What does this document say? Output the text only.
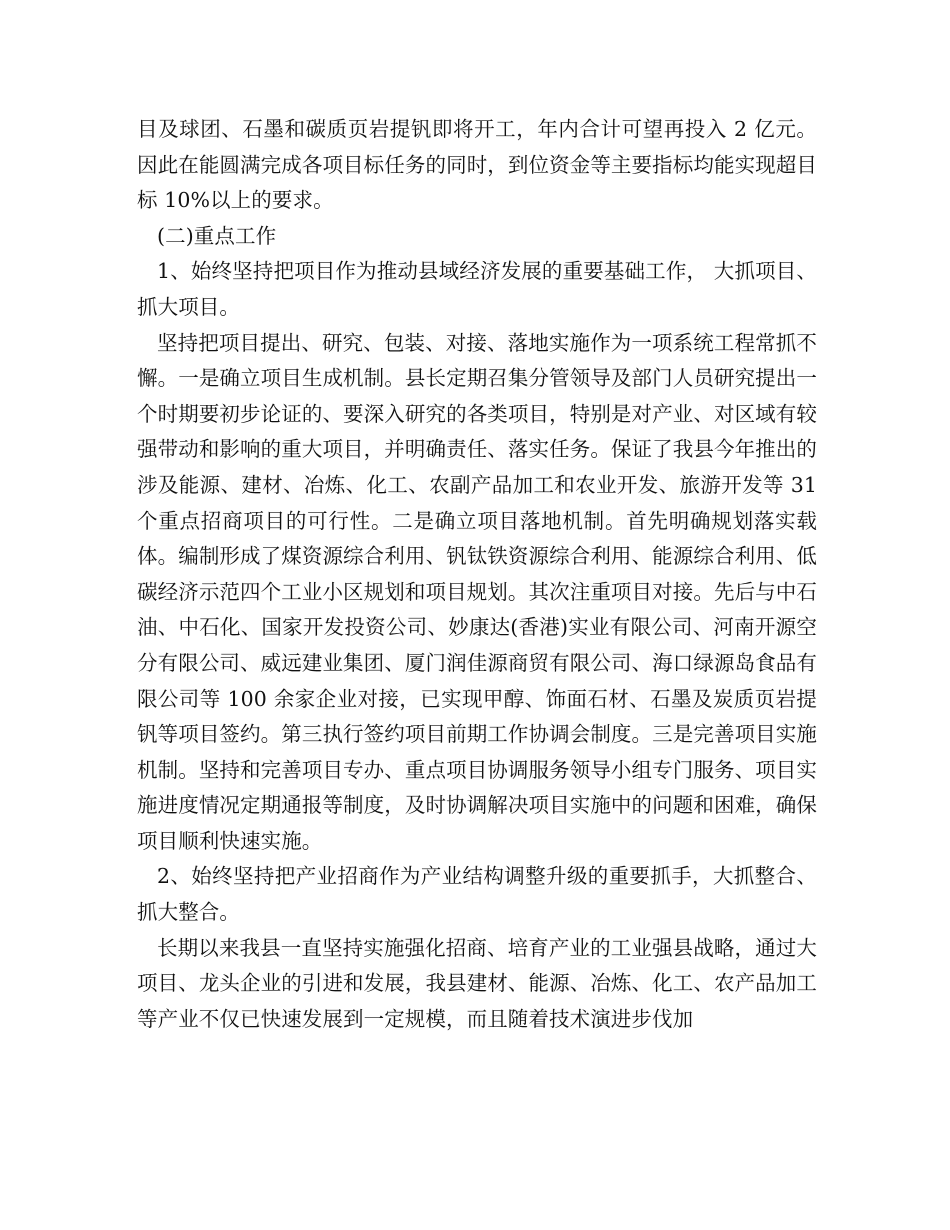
目及球团、石墨和碳质页岩提钒即将开工，年内合计可望再投入 2 亿元。因此在能圆满完成各项目标任务的同时，到位资金等主要指标均能实现超目标 10%以上的要求。

(二)重点工作

1、始终坚持把项目作为推动县域经济发展的重要基础工作， 大抓项目、抓大项目。

坚持把项目提出、研究、包装、对接、落地实施作为一项系统工程常抓不懈。一是确立项目生成机制。县长定期召集分管领导及部门人员研究提出一个时期要初步论证的、要深入研究的各类项目，特别是对产业、对区域有较强带动和影响的重大项目，并明确责任、落实任务。保证了我县今年推出的涉及能源、建材、冶炼、化工、农副产品加工和农业开发、旅游开发等 31 个重点招商项目的可行性。二是确立项目落地机制。首先明确规划落实载体。编制形成了煤资源综合利用、钒钛铁资源综合利用、能源综合利用、低碳经济示范四个工业小区规划和项目规划。其次注重项目对接。先后与中石油、中石化、国家开发投资公司、妙康达(香港)实业有限公司、河南开源空分有限公司、威远建业集团、厦门润佳源商贸有限公司、海口绿源岛食品有限公司等 100 余家企业对接，已实现甲醇、饰面石材、石墨及炭质页岩提钒等项目签约。第三执行签约项目前期工作协调会制度。三是完善项目实施机制。坚持和完善项目专办、重点项目协调服务领导小组专门服务、项目实施进度情况定期通报等制度，及时协调解决项目实施中的问题和困难，确保项目顺利快速实施。

2、始终坚持把产业招商作为产业结构调整升级的重要抓手，大抓整合、抓大整合。

长期以来我县一直坚持实施强化招商、培育产业的工业强县战略，通过大项目、龙头企业的引进和发展，我县建材、能源、冶炼、化工、农产品加工等产业不仅已快速发展到一定规模，而且随着技术演进步伐加
